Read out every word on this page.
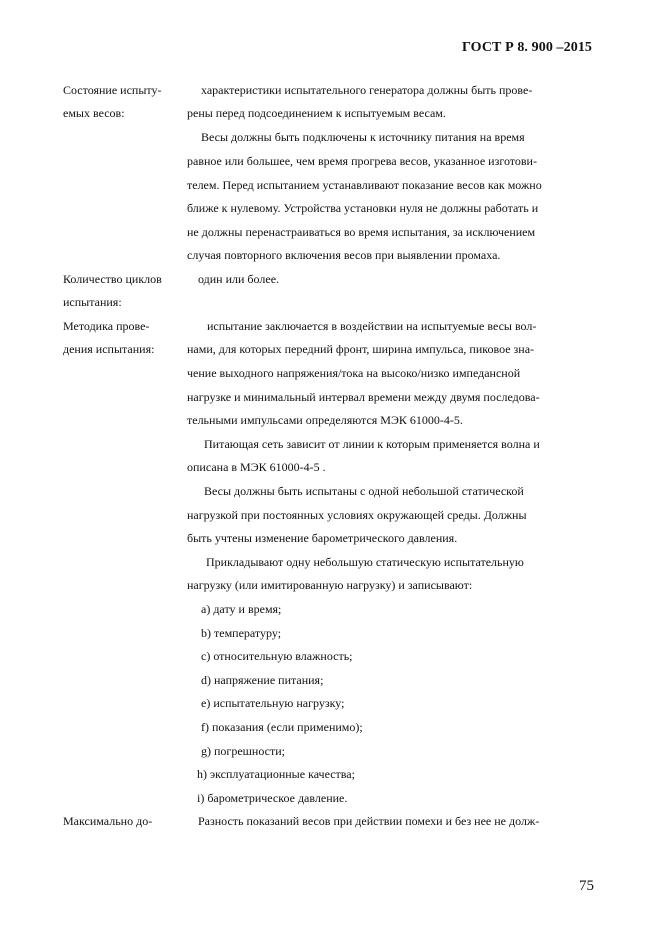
ГОСТ Р 8. 900 –2015
Состояние испыту-
емых весов:
характеристики испытательного генератора должны быть прове-
рены перед подсоединением к испытуемым весам.
Весы должны быть подключены к источнику питания на время
равное или большее, чем время прогрева весов, указанное изготови-
телем. Перед испытанием устанавливают показание весов как можно
ближе к нулевому. Устройства установки нуля не должны работать и
не должны перенастраиваться во время испытания, за исключением
случая повторного включения весов при выявлении промаха.
Количество циклов
испытания:
один или более.
Методика прове-
дения испытания:
испытание заключается в воздействии на испытуемые весы вол-
нами, для которых передний фронт, ширина импульса, пиковое зна-
чение выходного напряжения/тока на высоко/низко импедансной
нагрузке и минимальный интервал времени между двумя последова-
тельными импульсами определяются МЭК 61000-4-5.
Питающая сеть зависит от линии к которым применяется волна и
описана в МЭК 61000-4-5 .
Весы должны быть испытаны с одной небольшой статической
нагрузкой при постоянных условиях окружающей среды. Должны
быть учтены изменение барометрического давления.
Прикладывают одну небольшую статическую испытательную
нагрузку (или имитированную нагрузку) и записывают:
a) дату и время;
b) температуру;
c) относительную влажность;
d) напряжение питания;
e) испытательную нагрузку;
f) показания (если применимо);
g) погрешности;
h) эксплуатационные качества;
i) барометрическое давление.
Максимально до-	Разность показаний весов при действии помехи и без нее не долж-
75
